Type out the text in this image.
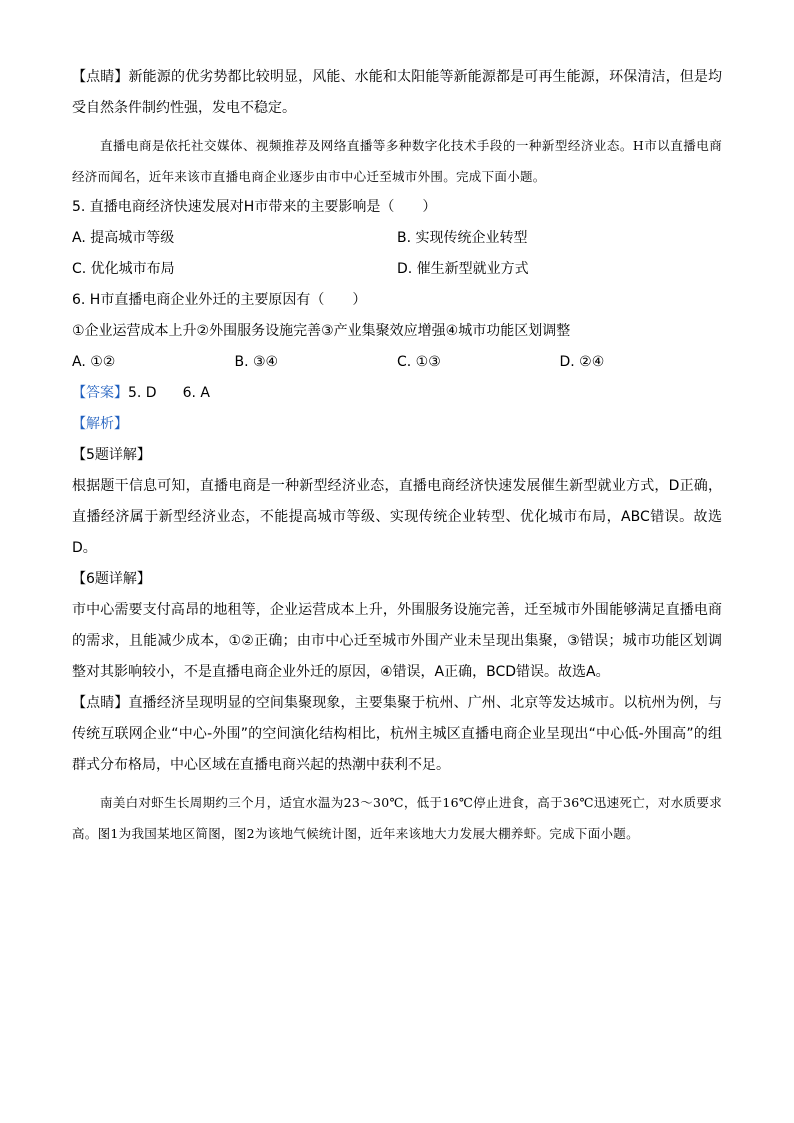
【点睛】新能源的优劣势都比较明显，风能、水能和太阳能等新能源都是可再生能源，环保清洁，但是均受自然条件制约性强，发电不稳定。
直播电商是依托社交媒体、视频推荐及网络直播等多种数字化技术手段的一种新型经济业态。H市以直播电商经济而闻名，近年来该市直播电商企业逐步由市中心迁至城市外围。完成下面小题。
5. 直播电商经济快速发展对H市带来的主要影响是（　　）
A. 提高城市等级	B. 实现传统企业转型
C. 优化城市布局	D. 催生新型就业方式
6. H市直播电商企业外迁的主要原因有（　　）
①企业运营成本上升②外围服务设施完善③产业集聚效应增强④城市功能区划调整
A. ①②	B. ③④	C. ①③	D. ②④
【答案】5. D 6. A
【解析】
【5题详解】
根据题干信息可知，直播电商是一种新型经济业态，直播电商经济快速发展催生新型就业方式，D正确，直播经济属于新型经济业态，不能提高城市等级、实现传统企业转型、优化城市布局，ABC错误。故选D。
【6题详解】
市中心需要支付高昂的地租等，企业运营成本上升，外围服务设施完善，迁至城市外围能够满足直播电商的需求，且能减少成本，①②正确；由市中心迁至城市外围产业未呈现出集聚，③错误；城市功能区划调整对其影响较小，不是直播电商企业外迁的原因，④错误，A正确，BCD错误。故选A。
【点睛】直播经济呈现明显的空间集聚现象，主要集聚于杭州、广州、北京等发达城市。以杭州为例，与传统互联网企业“中心-外围”的空间演化结构相比，杭州主城区直播电商企业呈现出“中心低-外围高”的组群式分布格局，中心区域在直播电商兴起的热潮中获利不足。
南美白对虾生长周期约三个月，适宜水温为23～30℃，低于16℃停止进食，高于36℃迅速死亡，对水质要求高。图1为我国某地区简图，图2为该地气候统计图，近年来该地大力发展大棚养虾。完成下面小题。
